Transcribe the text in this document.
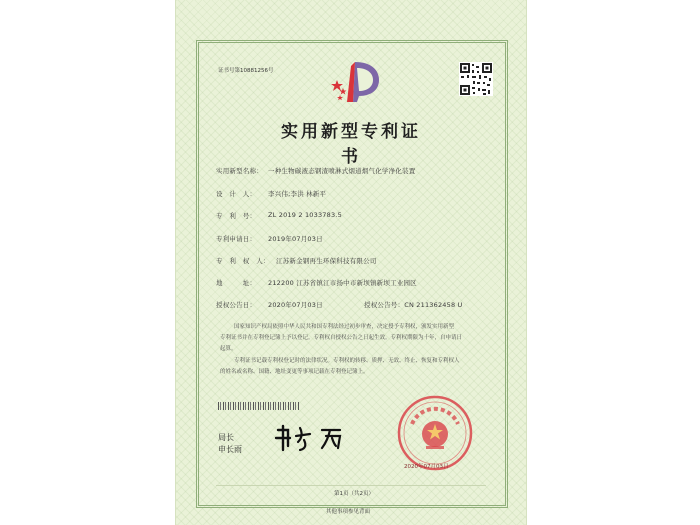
证书号第10881256号
实用新型专利证书
实用新型名称： 一种生物碳液态钢渣喷淋式烟道烟气化学净化装置
设　计　人： 李兴伟;李洪 林新平
专　利　号： ZL 2019 2 1033783.5
专利申请日： 2019年07月03日
专　利　权　人： 江苏新金钢再生环保科技有限公司
地　　　址： 212200 江苏省镇江市扬中市新坝镇新坝工业园区
授权公告日： 2020年07月03日	授权公告号：CN 211362458 U
国家知识产权局依照中华人民共和国专利法经过初步审查，决定授予专利权，颁发实用新型
专利证书并在专利登记簿上予以登记。专利权自授权公告之日起生效。专利权期限为十年，自申请日
起算。
专利证书记载专利权登记时的法律状况。专利权的转移、质押、无效、终止、恢复和专利权人
的姓名或名称、国籍、地址变更等事项记载在专利登记簿上。
局长
申长雨
2020年07月03日
第1页（共2页）
其他事项参见背面
